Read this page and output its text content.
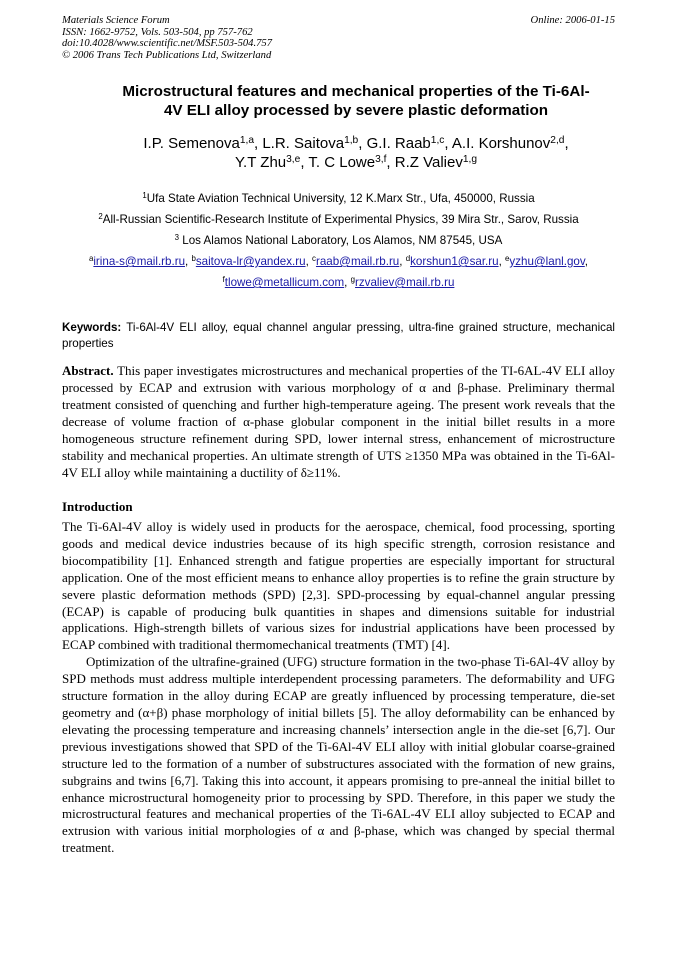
Materials Science Forum	Online: 2006-01-15
ISSN: 1662-9752, Vols. 503-504, pp 757-762
doi:10.4028/www.scientific.net/MSF.503-504.757
© 2006 Trans Tech Publications Ltd, Switzerland
Microstructural features and mechanical properties of the Ti-6Al-
4V ELI alloy processed by severe plastic deformation
I.P. Semenova$^{1,a}$, L.R. Saitova$^{1,b}$, G.I. Raab$^{1,c}$, A.I. Korshunov$^{2,d}$,
Y.T Zhu$^{3,e}$, T. C Lowe$^{3,f}$, R.Z Valiev$^{1,g}$
$^1$Ufa State Aviation Technical University, 12 K.Marx Str., Ufa, 450000, Russia
$^2$All-Russian Scientific-Research Institute of Experimental Physics, 39 Mira Str., Sarov, Russia
$^3$ Los Alamos National Laboratory, Los Alamos, NM 87545, USA
$^a$irina-s@mail.rb.ru, $^b$saitova-lr@yandex.ru, $^c$raab@mail.rb.ru, $^d$korshun1@sar.ru, $^e$yzhu@lanl.gov,
$^f$tlowe@metallicum.com, $^g$rzvaliev@mail.rb.ru
Keywords: Ti-6Al-4V ELI alloy, equal channel angular pressing, ultra-fine grained structure, mechanical properties
Abstract. This paper investigates microstructures and mechanical properties of the TI-6AL-4V ELI alloy processed by ECAP and extrusion with various morphology of α and β-phase. Preliminary thermal treatment consisted of quenching and further high-temperature ageing. The present work reveals that the decrease of volume fraction of α-phase globular component in the initial billet results in a more homogeneous structure refinement during SPD, lower internal stress, enhancement of microstructure stability and mechanical properties. An ultimate strength of UTS ≥1350 MPa was obtained in the Ti-6Al-4V ELI alloy while maintaining a ductility of δ≥11%.
Introduction

The Ti-6Al-4V alloy is widely used in products for the aerospace, chemical, food processing, sporting goods and medical device industries because of its high specific strength, corrosion resistance and biocompatibility [1]. Enhanced strength and fatigue properties are especially important for structural application. One of the most efficient means to enhance alloy properties is to refine the grain structure by severe plastic deformation methods (SPD) [2,3]. SPD-processing by equal-channel angular pressing (ECAP) is capable of producing bulk quantities in shapes and dimensions suitable for industrial applications. High-strength billets of various sizes for industrial applications have been processed by ECAP combined with traditional thermomechanical treatments (TMT) [4].

Optimization of the ultrafine-grained (UFG) structure formation in the two-phase Ti-6Al-4V alloy by SPD methods must address multiple interdependent processing parameters. The deformability and UFG structure formation in the alloy during ECAP are greatly influenced by processing temperature, die-set geometry and (α+β) phase morphology of initial billets [5]. The alloy deformability can be enhanced by elevating the processing temperature and increasing channels’ intersection angle in the die-set [6,7]. Our previous investigations showed that SPD of the Ti-6Al-4V ELI alloy with initial globular coarse-grained structure led to the formation of a number of substructures associated with the formation of new grains, subgrains and twins [6,7]. Taking this into account, it appears promising to pre-anneal the initial billet to enhance microstructural homogeneity prior to processing by SPD. Therefore, in this paper we study the microstructural features and mechanical properties of the Ti-6AL-4V ELI alloy subjected to ECAP and extrusion with various initial morphologies of α and β-phase, which was changed by special thermal treatment.
